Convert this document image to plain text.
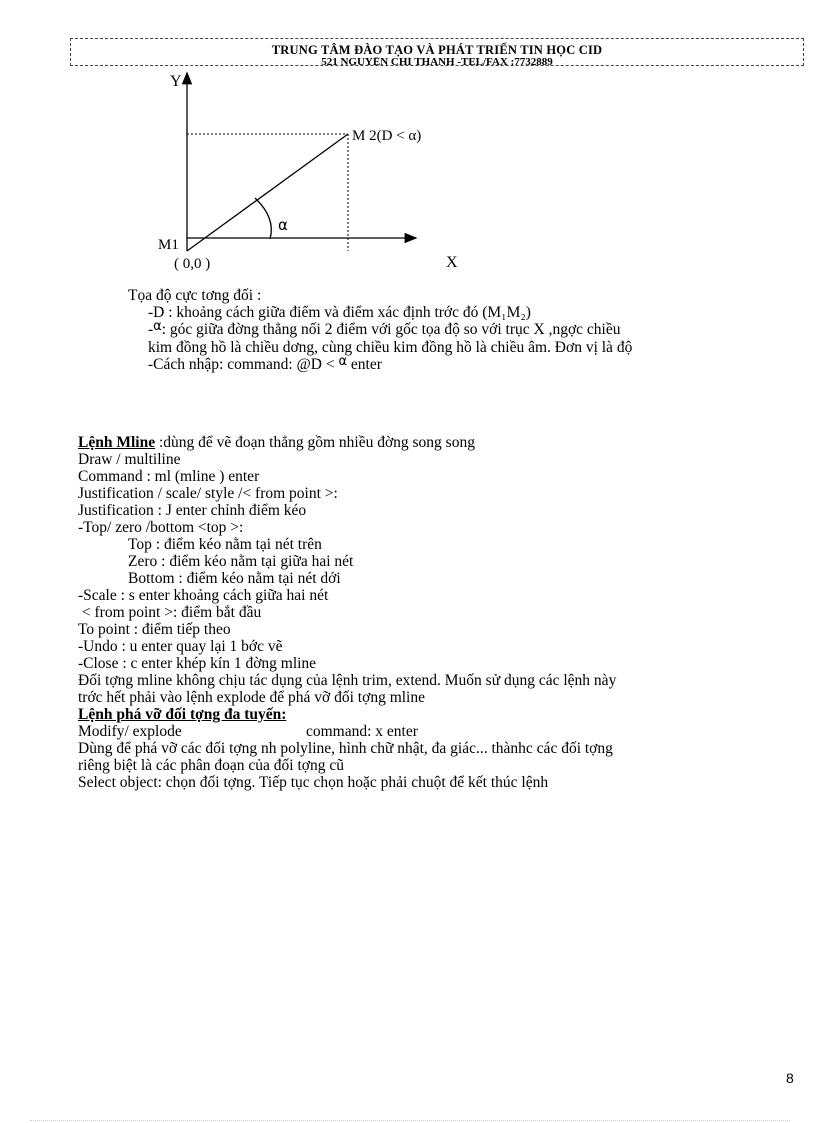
TRUNG TÂM ĐÀO TẠO VÀ PHÁT TRIỂN TIN HỌC CID
521 NGUYỄN CHÍ THANH -TEL/FAX :7732889
Y
X
M 2(D < α)
M1
( 0,0 )
α
Tọa độ cực tơng đối :
-D : khoảng cách giữa điểm và điểm xác định trớc đó (M₁M₂)
-$^\alpha$: góc giữa đờng thẳng nối 2 điểm với gốc tọa độ so với trục X ,ngợc chiều
kim đồng hồ là chiều dơng, cùng chiều kim đồng hồ là chiều âm. Đơn vị là độ
-Cách nhập: command: @D < $^\alpha$ enter
Lệnh Mline :dùng để vẽ đoạn thẳng gồm nhiều đờng song song
Draw / multiline
Command : ml (mline ) enter
Justification / scale/ style /< from point >:
Justification : J enter chỉnh điểm kéo
-Top/ zero /bottom <top >:
Top : điểm kéo nằm tại nét trên
Zero : điểm kéo nằm tại giữa hai nét
Bottom : điểm kéo nằm tại nét dới
-Scale : s enter khoảng cách giữa hai nét
< from point >: điểm bắt đầu
To point : điểm tiếp theo
-Undo : u enter quay lại 1 bớc vẽ
-Close : c enter khép kín 1 đờng mline
Đối tợng mline không chịu tác dụng của lệnh trim, extend. Muốn sử dụng các lệnh này
trớc hết phải vào lệnh explode để phá vỡ đối tợng mline
Lệnh phá vỡ đối tợng đa tuyến:
Modify/ explode	command: x enter
Dùng để phá vỡ các đối tợng nh polyline, hình chữ nhật, đa giác... thànhc các đối tợng
riêng biệt là các phân đoạn của đối tợng cũ
Select object: chọn đối tợng. Tiếp tục chọn hoặc phải chuột để kết thúc lệnh
8
